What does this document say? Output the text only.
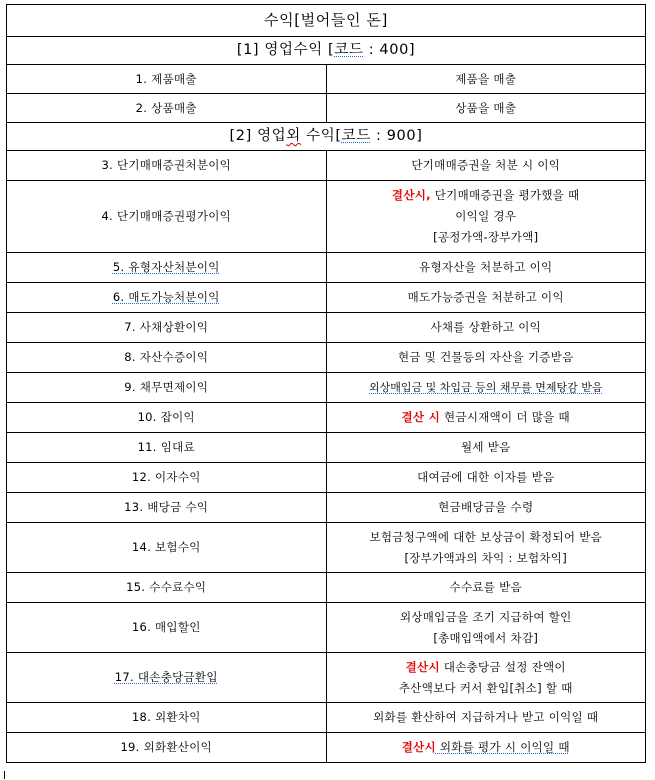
수익[벌어들인 돈]	
[1] 영업수익 [코드 : 400]	
1. 제품매출	제품을 매출
2. 상품매출	상품을 매출
[2] 영업외 수익[코드 : 900]	
3. 단기매매증권처분이익	단기매매증권을 처분 시 이익
4. 단기매매증권평가이익	결산시, 단기매매증권을 평가했을 때
이익일 경우
[공정가액-장부가액]

5. 유형자산처분이익	유형자산을 처분하고 이익
6. 매도가능처분이익	매도가능증권을 처분하고 이익
7. 사채상환이익	사채를 상환하고 이익
8. 자산수증이익	현금 및 건물등의 자산을 기증받음
9. 채무면제이익	외상매입금 및 차입금 등의 채무를 면제탕감 받음
10. 잡이익	결산 시 현금시재액이 더 많을 때
11. 임대료	월세 받음
12. 이자수익	대여금에 대한 이자를 받음
13. 배당금 수익	현금배당금을 수령
14. 보험수익	보험금청구액에 대한 보상금이 확정되어 받음
[장부가액과의 차익 : 보험차익]

15. 수수료수익	수수료를 받음
16. 매입할인	외상매입금을 조기 지급하여 할인
[총매입액에서 차감]

17. 대손충당금환입	결산시 대손충당금 설정 잔액이
추산액보다 커서 환입[취소] 할 때

18. 외환차익	외화를 환산하여 지급하거나 받고 이익일 때
19. 외화환산이익	결산시 외화를 평가 시 이익일 때
